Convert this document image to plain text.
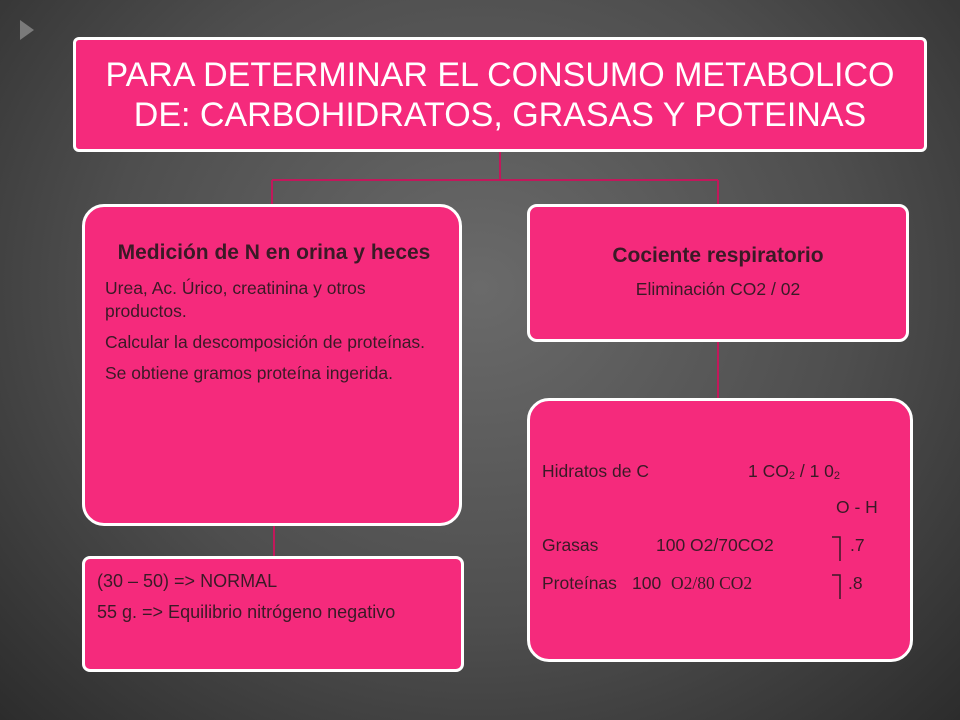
PARA DETERMINAR EL CONSUMO METABOLICO
DE: CARBOHIDRATOS, GRASAS Y POTEINAS
Medición de N en orina y heces
Urea, Ac. Úrico, creatinina y otros productos.
Calcular la descomposición de proteínas.
Se obtiene gramos proteína ingerida.
Cociente respiratorio
Eliminación CO2 / 02
(30 – 50) => NORMAL
55 g. => Equilibrio nitrógeno negativo
Hidratos de C	1 $CO_2 / 1$ $0_2$
O - H
Grasas	100 O2/70CO2	.7
Proteínas 100 O2/80 CO2	.8
